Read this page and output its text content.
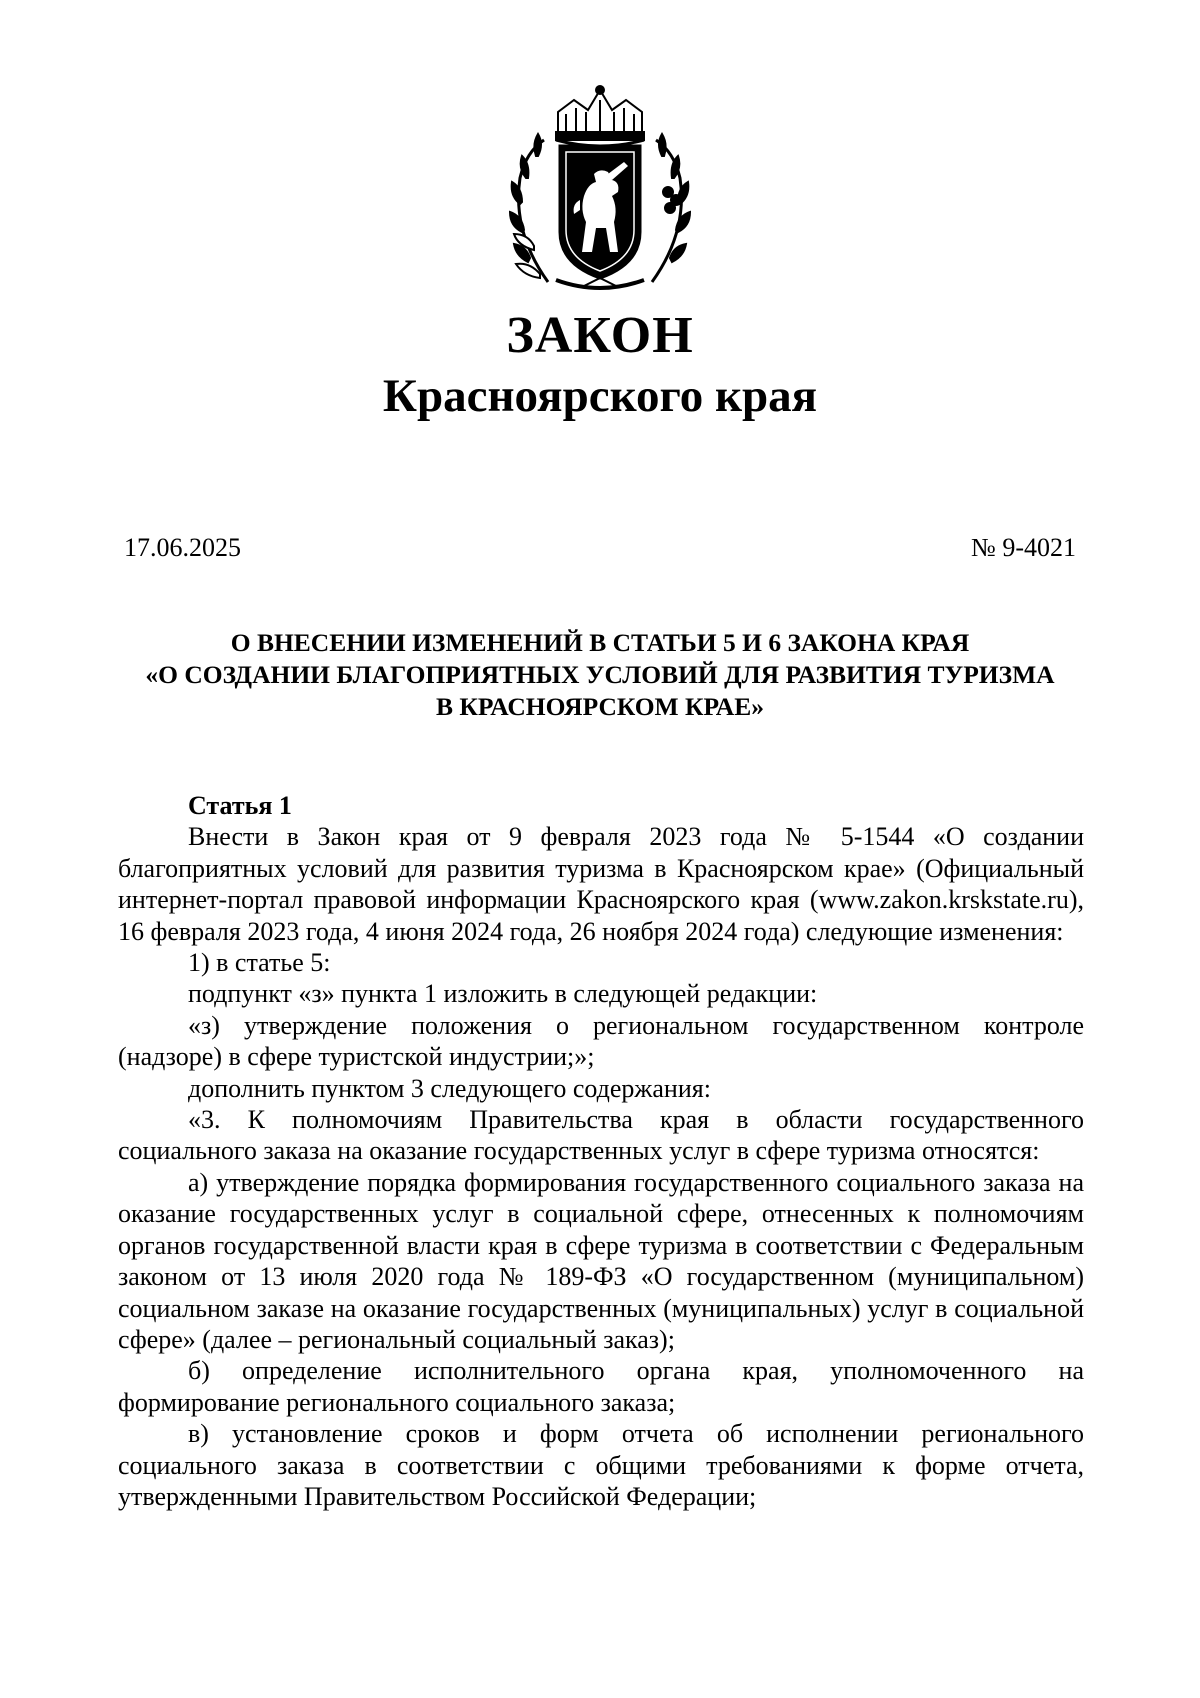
ЗАКОН
Красноярского края
17.06.2025	№ 9-4021
О ВНЕСЕНИИ ИЗМЕНЕНИЙ В СТАТЬИ 5 И 6 ЗАКОНА КРАЯ
«О СОЗДАНИИ БЛАГОПРИЯТНЫХ УСЛОВИЙ ДЛЯ РАЗВИТИЯ ТУРИЗМА
В КРАСНОЯРСКОМ КРАЕ»

Статья 1

Внести в Закон края от 9 февраля 2023 года № 5-1544 «О создании благоприятных условий для развития туризма в Красноярском крае» (Официальный интернет-портал правовой информации Красноярского края (www.zakon.krskstate.ru), 16 февраля 2023 года, 4 июня 2024 года, 26 ноября 2024 года) следующие изменения:

1) в статье 5:

подпункт «з» пункта 1 изложить в следующей редакции:

«з) утверждение положения о региональном государственном контроле (надзоре) в сфере туристской индустрии;»;

дополнить пунктом 3 следующего содержания:

«3. К полномочиям Правительства края в области государственного социального заказа на оказание государственных услуг в сфере туризма относятся:

а) утверждение порядка формирования государственного социального заказа на оказание государственных услуг в социальной сфере, отнесенных к полномочиям органов государственной власти края в сфере туризма в соответствии с Федеральным законом от 13 июля 2020 года № 189-ФЗ «О государственном (муниципальном) социальном заказе на оказание государственных (муниципальных) услуг в социальной сфере» (далее – региональный социальный заказ);

б) определение исполнительного органа края, уполномоченного на формирование регионального социального заказа;

в) установление сроков и форм отчета об исполнении регионального социального заказа в соответствии с общими требованиями к форме отчета, утвержденными Правительством Российской Федерации;
